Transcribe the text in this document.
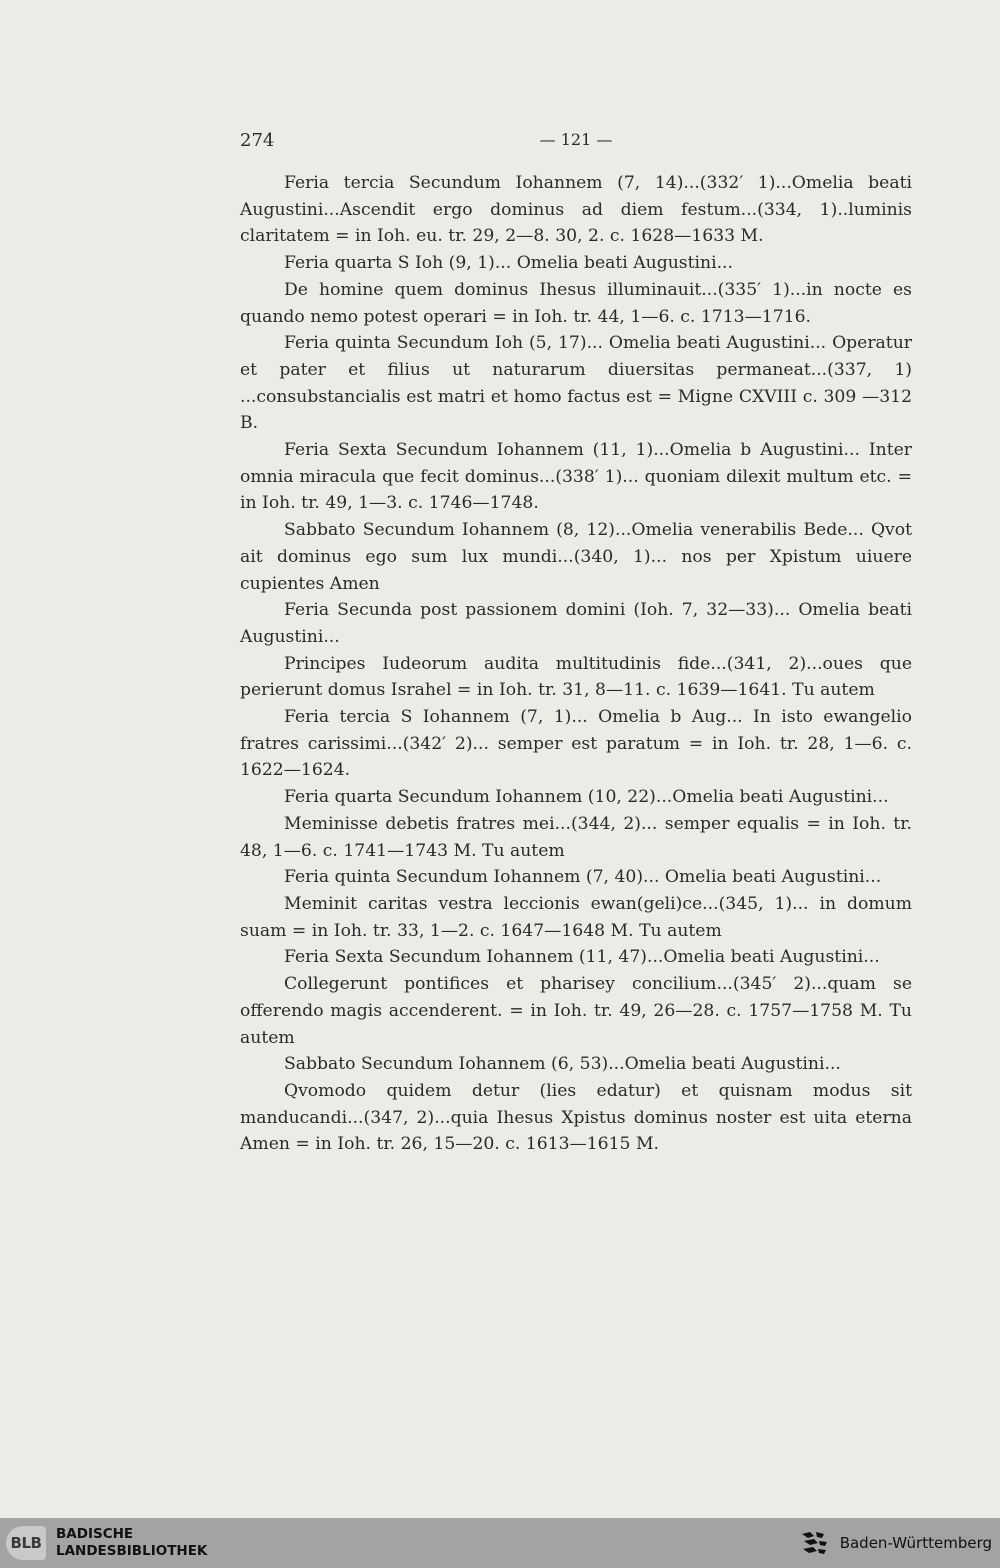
274	— 121 —

Feria tercia Secundum Iohannem (7, 14)...(332′ 1)...Omelia beati Augustini...Ascendit ergo dominus ad diem festum...(334, 1)..luminis claritatem = in Ioh. eu. tr. 29, 2—8. 30, 2. c. 1628—1633 M.

Feria quarta S Ioh (9, 1)... Omelia beati Augustini...

De homine quem dominus Ihesus illuminauit...(335′ 1)...in nocte es quando nemo potest operari = in Ioh. tr. 44, 1—6. c. 1713—1716.

Feria quinta Secundum Ioh (5, 17)... Omelia beati Augustini... Operatur et pater et filius ut naturarum diuersitas permaneat...(337, 1) ...consubstancialis est matri et homo factus est = Migne CXVIII c. 309 —312 B.

Feria Sexta Secundum Iohannem (11, 1)...Omelia b Augustini... Inter omnia miracula que fecit dominus...(338′ 1)... quoniam dilexit multum etc. = in Ioh. tr. 49, 1—3. c. 1746—1748.

Sabbato Secundum Iohannem (8, 12)...Omelia venerabilis Bede... Qvot ait dominus ego sum lux mundi...(340, 1)... nos per Xpistum uiuere cupientes Amen

Feria Secunda post passionem domini (Ioh. 7, 32—33)... Omelia beati Augustini...

Principes Iudeorum audita multitudinis fide...(341, 2)...oues que perierunt domus Israhel = in Ioh. tr. 31, 8—11. c. 1639—1641. Tu autem

Feria tercia S Iohannem (7, 1)... Omelia b Aug... In isto ewangelio fratres carissimi...(342′ 2)... semper est paratum = in Ioh. tr. 28, 1—6. c. 1622—1624.

Feria quarta Secundum Iohannem (10, 22)...Omelia beati Augustini...

Meminisse debetis fratres mei...(344, 2)... semper equalis = in Ioh. tr. 48, 1—6. c. 1741—1743 M. Tu autem

Feria quinta Secundum Iohannem (7, 40)... Omelia beati Augustini...

Meminit caritas vestra leccionis ewan(geli)ce...(345, 1)... in domum suam = in Ioh. tr. 33, 1—2. c. 1647—1648 M. Tu autem

Feria Sexta Secundum Iohannem (11, 47)...Omelia beati Augustini...

Collegerunt pontifices et pharisey concilium...(345′ 2)...quam se offerendo magis accenderent. = in Ioh. tr. 49, 26—28. c. 1757—1758 M. Tu autem

Sabbato Secundum Iohannem (6, 53)...Omelia beati Augustini...

Qvomodo quidem detur (lies edatur) et quisnam modus sit manducandi...(347, 2)...quia Ihesus Xpistus dominus noster est uita eterna Amen = in Ioh. tr. 26, 15—20. c. 1613—1615 M.

BLB	BADISCHE
LANDESBIBLIOTHEK	Baden-Württemberg
